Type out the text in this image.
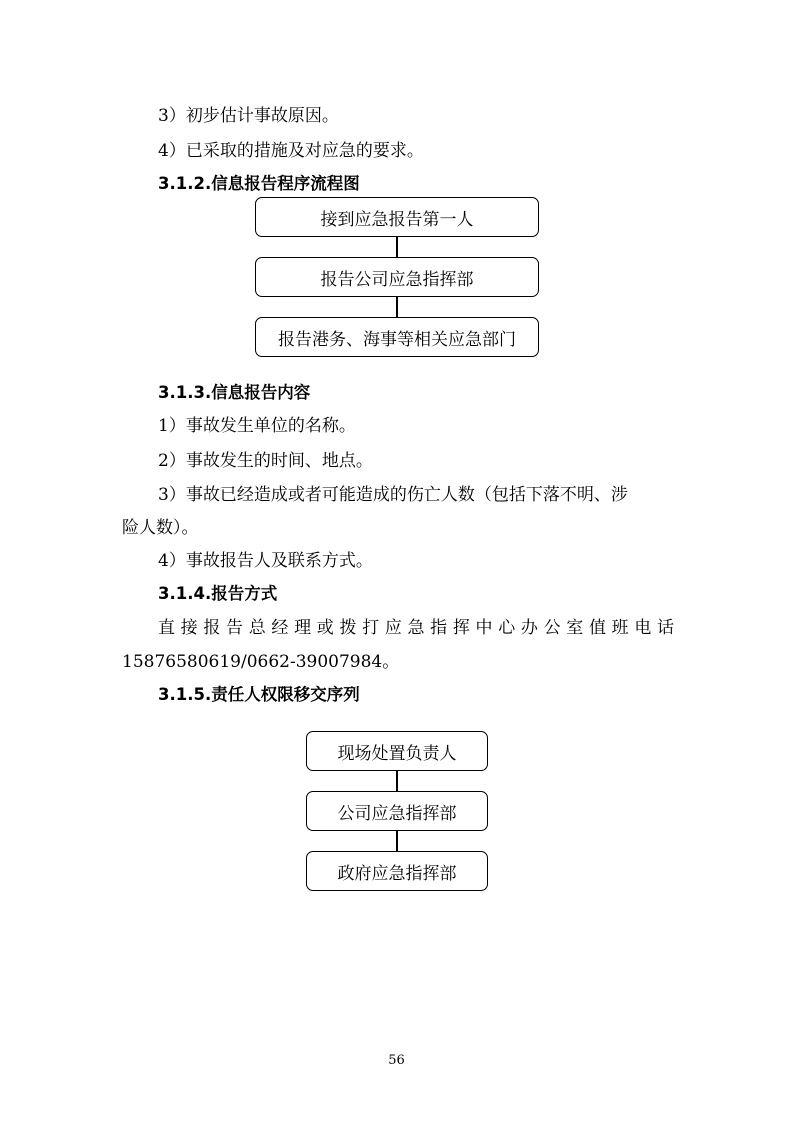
3）初步估计事故原因。
4）已采取的措施及对应急的要求。
3.1.2.信息报告程序流程图
接到应急报告第一人
报告公司应急指挥部
报告港务、海事等相关应急部门
3.1.3.信息报告内容
1）事故发生单位的名称。
2）事故发生的时间、地点。
3）事故已经造成或者可能造成的伤亡人数（包括下落不明、涉
险人数）。
4）事故报告人及联系方式。
3.1.4.报告方式
直接报告总经理或拨打应急指挥中心办公室值班电话
15876580619/0662-39007984。
3.1.5.责任人权限移交序列
现场处置负责人
公司应急指挥部
政府应急指挥部
56
